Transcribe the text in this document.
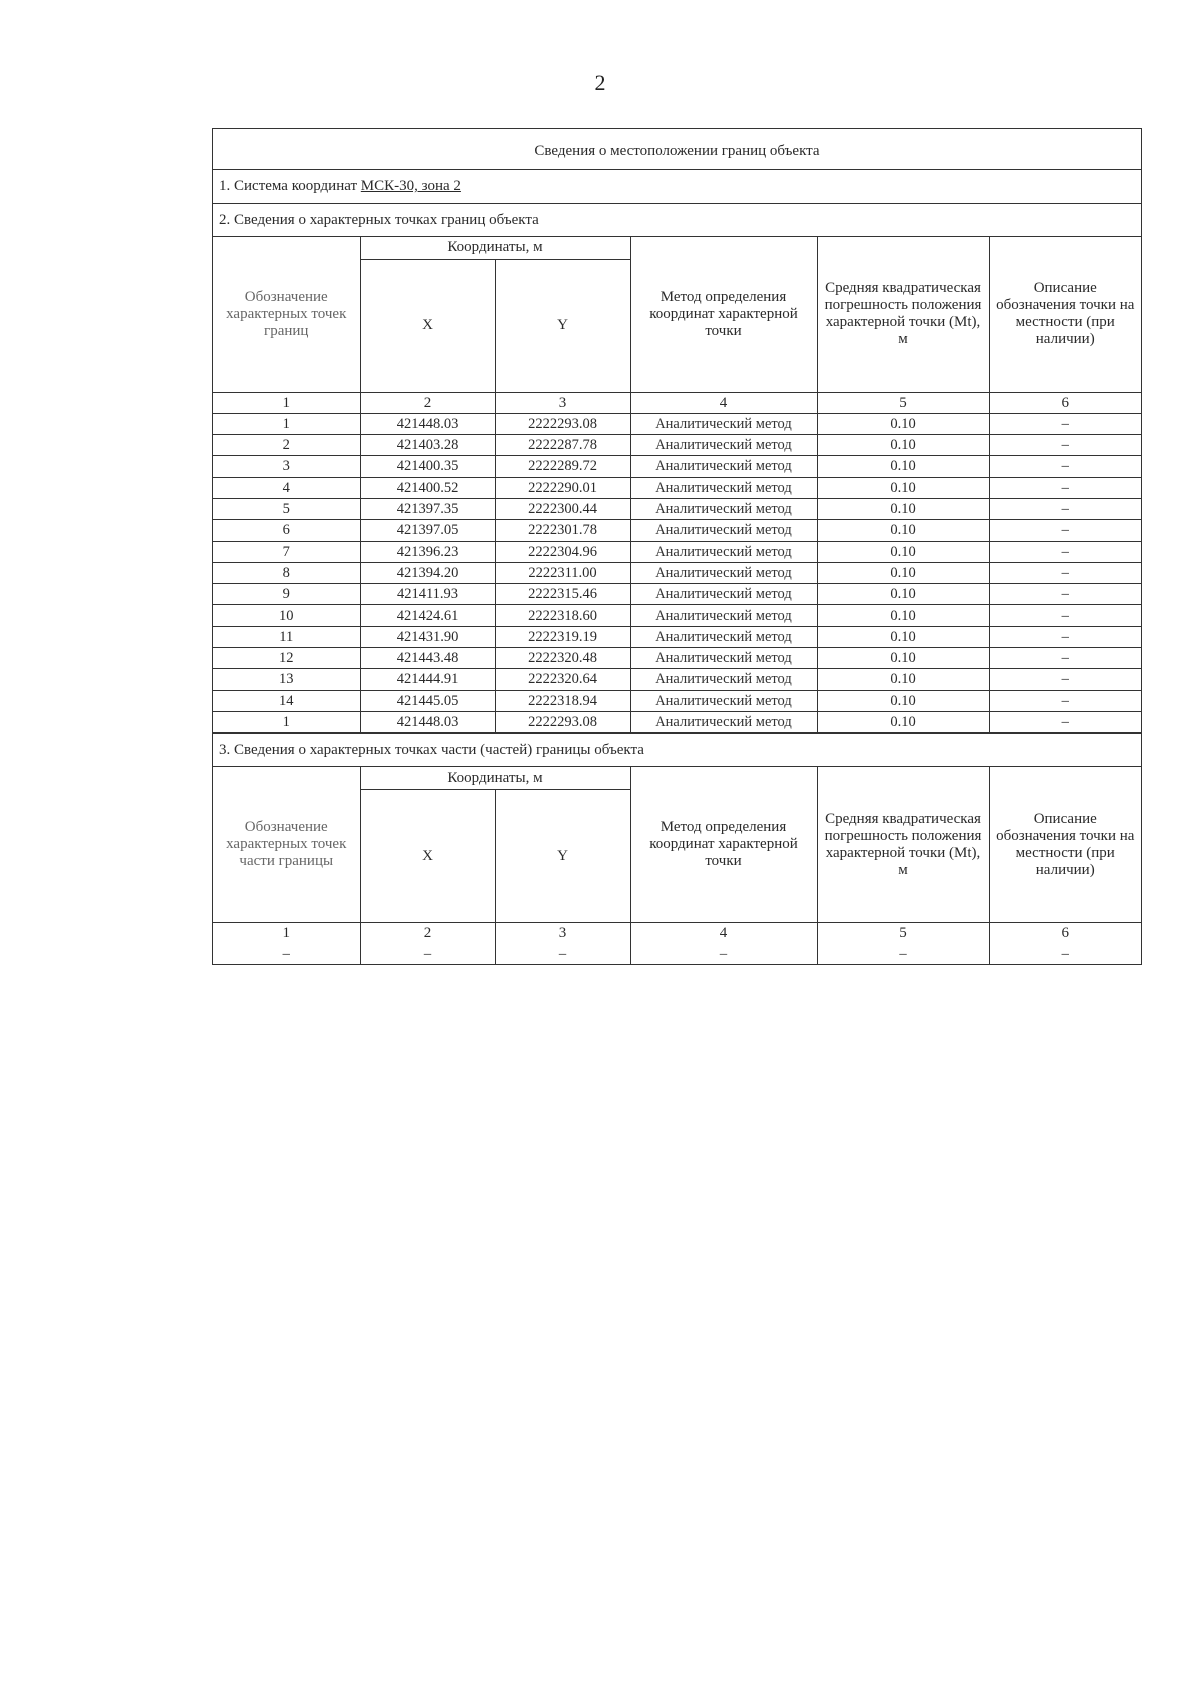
2
Сведения о местоположении границ объекта
1. Система координат МСК-30, зона 2
2. Сведения о характерных точках границ объекта
Обозначение характерных точек границ	Координаты, м		Метод определения координат характерной точки	Средняя квадратическая погрешность положения характерной точки (Mt), м	Описание обозначения точки на местности (при наличии)
	X	Y			
1	2	3	4	5	6
1	421448.03	2222293.08	Аналитический метод	0.10	–
2	421403.28	2222287.78	Аналитический метод	0.10	–
3	421400.35	2222289.72	Аналитический метод	0.10	–
4	421400.52	2222290.01	Аналитический метод	0.10	–
5	421397.35	2222300.44	Аналитический метод	0.10	–
6	421397.05	2222301.78	Аналитический метод	0.10	–
7	421396.23	2222304.96	Аналитический метод	0.10	–
8	421394.20	2222311.00	Аналитический метод	0.10	–
9	421411.93	2222315.46	Аналитический метод	0.10	–
10	421424.61	2222318.60	Аналитический метод	0.10	–
11	421431.90	2222319.19	Аналитический метод	0.10	–
12	421443.48	2222320.48	Аналитический метод	0.10	–
13	421444.91	2222320.64	Аналитический метод	0.10	–
14	421445.05	2222318.94	Аналитический метод	0.10	–
1	421448.03	2222293.08	Аналитический метод	0.10	–
3. Сведения о характерных точках части (частей) границы объекта
Обозначение характерных точек части границы	Координаты, м		Метод определения координат характерной точки	Средняя квадратическая погрешность положения характерной точки (Mt), м	Описание обозначения точки на местности (при наличии)
	X	Y			
1	2	3	4	5	6
–	–	–	–	–	–
